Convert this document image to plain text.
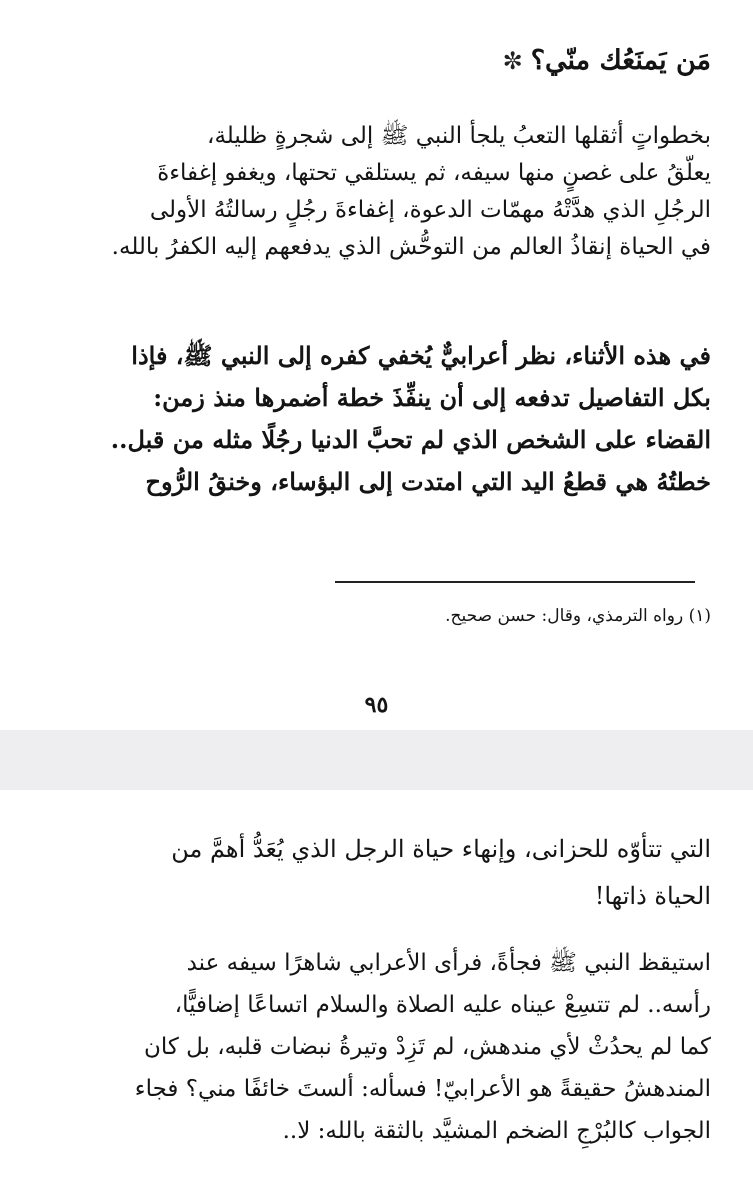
✼ مَن يَمنَعُك منّي؟
بخطواتٍ أثقلها التعبُ يلجأ النبي ﷺ إلى شجرةٍ ظليلة،
يعلّقُ على غصنٍ منها سيفه، ثم يستلقي تحتها، ويغفو إغفاءةَ
الرجُلِ الذي هدَّتْهُ مهمّات الدعوة، إغفاءةَ رجُلٍ رسالتُهُ الأولى
في الحياة إنقاذُ العالم من التوحُّش الذي يدفعهم إليه الكفرُ بالله.
في هذه الأثناء، نظر أعرابيٌّ يُخفي كفره إلى النبي ﷺ، فإذا
بكل التفاصيل تدفعه إلى أن ينفِّذَ خطة أضمرها منذ زمن:
القضاء على الشخص الذي لم تحبَّ الدنيا رجُلًا مثله من قبل..
خطتُهُ هي قطعُ اليد التي امتدت إلى البؤساء، وخنقُ الرُّوح
(١) رواه الترمذي، وقال: حسن صحيح.
٩٥
التي تتأوّه للحزانى، وإنهاء حياة الرجل الذي يُعَدُّ أهمَّ من
الحياة ذاتها!
استيقظ النبي ﷺ فجأةً، فرأى الأعرابي شاهرًا سيفه عند
رأسه.. لم تتسِعْ عيناه عليه الصلاة والسلام اتساعًا إضافيًّا،
كما لم يحدُثْ لأي مندهش، لم تَزِدْ وتيرةُ نبضات قلبه، بل كان
المندهشُ حقيقةً هو الأعرابيّ! فسأله: ألستَ خائفًا مني؟ فجاء
الجواب كالبُرْجِ الضخم المشيَّد بالثقة بالله: لا..
